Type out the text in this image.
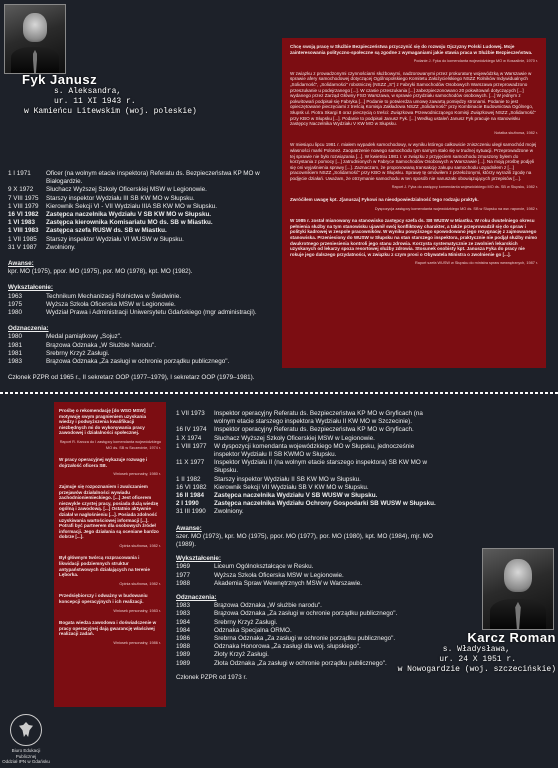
Fyk Janusz
s. Aleksandra,
ur. 11 XI 1943 r.
w Kamieńcu Litewskim (woj. poleskie)
1 I 1971	Oficer (na wolnym etacie inspektora) Referatu ds. Bezpieczeństwa KP MO w Białogardzie.
9 X 1972	Słuchacz Wyższej Szkoły Oficerskiej MSW w Legionowie.
7 VIII 1975	Starszy inspektor Wydziału III SB KW MO w Słupsku.
1 VIII 1979	Kierownik Sekcji VI - VII Wydziału IIIA SB KW MO w Słupsku.
16 VI 1982	Zastępca naczelnika Wydziału V SB KW MO w Słupsku.
1 VI 1983	Zastępca kierownika Komisariatu MO ds. SB w Miastku.
1 VIII 1983	Zastępca szefa RUSW ds. SB w Miastku.
1 VII 1985	Starszy inspektor Wydziału VI WUSW w Słupsku.
31 V 1987	Zwolniony.
Awanse:
kpr. MO (1975), ppor. MO (1975), por. MO (1978), kpt. MO (1982).
Wykształcenie:
1963	Technikum Mechanizacji Rolnictwa w Świdwinie.
1975	Wyższa Szkoła Oficerska MSW w Legionowie.
1980	Wydział Prawa i Administracji Uniwersytetu Gdańskiego (mgr administracji).
Odznaczenia:
1980	Medal pamiątkowy „Sojuz".
1981	Brązowa Odznaka „W Służbie Narodu".
1981	Srebrny Krzyż Zasługi.
1983	Brązowa Odznaka „Za zasługi w ochronie porządku publicznego".
Członek PZPR od 1965 r., II sekretarz OOP (1977–1979), I sekretarz OOP (1979–1981).

Chcę swoją pracę w Służbie Bezpieczeństwa przyczynić się do rozwoju Ojczyzny Polski Ludowej. Moje zainteresowania polityczno-społeczne są zgodne z wymaganiami jakie stawia praca w Służbie Bezpieczeństwa.

Podanie J. Fyka do komendanta wojewódzkiego MO w Koszalinie, 1970 r.

W związku z prowadzonymi czynnościami służbowymi, nadzorowanymi przez prokuraturę wojewódzką w Warszawie w sprawie afery samochodowej dotyczącej Ogólnopolskiego Komitetu Założycielskiego NSZZ Rolników Indywidualnych „Solidarność", „Solidarności" robotniczej (NSZZ „S") z Fabryki Samochodów Osobowych Warszawa przeprowadzono przeszukanie u podejrzanego [...]. W czasie przeszukania [...] zabezpieczonowano 20 pokwitowań dotyczących [...] wydanego przez Zarząd Główny FSO Warszawa, w sprawie przydziału samochodów osobowych. [...] W jednym z pokwitowań podpisał się Fabryka [...] Podanie to potwierdza umowę zawartą pomiędzy stronami. Podanie to jest opieczętowane pieczęciami z treścią Komisja Zakładowa NSZZ „Solidarność" przy Kombinacie Budownictwa Ogólnego, Słupsk ul. Piotra Skargi 8 oraz pieczęcią o treści: Związkowa Przewodniczącego Komisji Związkowej NSZZ „Solidarność" przy KBO w Słupsku [...]. Podanie to podpisał Janusz Fyk. [...] Według ustaleń Janusz Fyk pracuje na stanowisku zastępcy Naczelnika Wydziału V KW MO w Słupsku.

Notatka służbowa, 1982 r.

W miesiącu lipcu 1981 r. miałem wypadek samochodowy, w wyniku którego całkowicie zniszczeniu uległ samochód mojej własności marki Polonez. Zaopatrzenie nowego samochodu tym samym stało się w trudnej sytuacji. Przeprowadzone w tej sprawie nie było rozwiązania [...]. W kwietniu 1981 r. w związku z przyjęciem samochodu zmuszony byłem do korzystania z pomocy [...] zatrudnionych w Fabryce Samochodów Osobowych w Warszawie [...]. Na moją prośbę podjęli się oni wyjaśnienia sprawy [...]. Zaznaczam, że proponowaną transakcję zakupu samochodu uzgodniłem z [...] pracownikiem NSZZ „Solidarność" przy KBO w Słupsku. Sprawę tę omówiłem z przełożonymi, którzy wyrazili zgodę na podjęcie działań. Uważam, że otrzymanie samochodu w ten sposób nie naruszało obowiązujących przepisów [...].

Raport J. Fyka do zastępcy komendanta wojewódzkiego MO ds. SB w Słupsku, 1982 r.

Zwróćiłem uwagę kpt. J[anusza] Fykowi na nieodpowiedzialność tego rodzaju praktyk.

Dyspozycja zastępcy komendanta wojewódzkiego MO ds. SB w Słupsku na ww. raporcie, 1982 r.

W 1985 r. został mianowany na stanowisko zastępcy szefa ds. SB WUSW w Miastku. W roku dwutelniego okresu pełnienia służby na tym stanowisku ujawnił swój konfliktowy charakter, a także przeprowadził się do spraw i polityki kadrowej w zespole pracowników. W wyniku powyższego spowodowano jego rezygnację z zajmowanego stanowiska. Przeniesiony do WUSW w Słupsku na stan starszego inspektora, praktycznie nie podjął służby mimo dwukrotnego przeniesienia kontroli jego stanu zdrowia. Korzysta systematycznie ze zwolnień lekarskich uzyskanych od lekarzy spoza resortowej służby zdrowia. Stosunek osobisty kpt. Janusza Fyka do pracy nie rokuje jego dalszego przydatności, w związku z czym prosi o Obywatela Ministra o zwolnienie go [...].

Raport szefa WUSW w Słupsku do ministra spraw wewnętrznych, 1987 r.

Prośbę o rekomendację [do WSO MSW] motywuję swym pragnieniem uzyskania wiedzy i podwyższenia kwalifikacji niezbędnych mi do wykonywania pracy zawodowej i działalności społecznej.

Raport R. Karcza do I zastępcy komendanta wojewódzkiego MO ds. SB w Szczecinie, 1974 r.

W pracy operacyjnej wykazuje rozwagę i dojrzałość oficera SB.

Wniosek personalny, 1980 r.

Zajmuje się rozpoznaniem i zwalczaniem przejawów działalności wywiadu zachodnioniemieckiego. [...] Jest oficerem niezwykle czystej pracy, posiada dużą wiedzę ogólną i zawodową. [...] Ostatnio aktywnie działał w nagłośnieniu [...]. Posiada zdolność uzyskiwania wartościowej informacji [...]. Potrafi być partnerem dla osobowych źródeł informacji. Jego działania są oceniane bardzo dobrze [...].

Opinia służbowa, 1982 r.

Był głównym twórcą rozpracowania i likwidacji podziemnych struktur antypaństwowych działających na terenie Lęborka.

Opinia służbowa, 1982 r.

Przedsiębiorczy i odważny w budowaniu koncepcji operacyjnych i ich realizacji.

Wniosek personalny, 1983 r.

Bogata wiedza zawodowa i doświadczenie w pracy operacyjnej dają gwarancję właściwej realizacji zadań.

Wniosek personalny, 1986 r.

1 VII 1973	Inspektor operacyjny Referatu ds. Bezpieczeństwa KP MO w Gryficach (na wolnym etacie starszego inspektora Wydziału II KW MO w Szczecinie).
16 IV 1974	Inspektor operacyjny Referatu ds. Bezpieczeństwa KP MO w Gryficach.
1 X 1974	Słuchacz Wyższej Szkoły Oficerskiej MSW w Legionowie.
1 VIII 1977	W dyspozycji komendanta wojewódzkiego MO w Słupsku, jednocześnie inspektor Wydziału II SB KWMO w Słupsku.
11 X 1977	Inspektor Wydziału II (na wolnym etacie starszego inspektora) SB KW MO w Słupsku.
1 II 1982	Starszy inspektor Wydziału II SB KW MO w Słupsku.
16 VI 1982	Kierownik Sekcji VII Wydziału SB V KW MO w Słupsku.
16 II 1984	Zastępca naczelnika Wydziału V SB WUSW w Słupsku.
2 I 1990	Zastępca naczelnika Wydziału Ochrony Gospodarki SB WUSW w Słupsku.
31 III 1990	Zwolniony.
Awanse:
szer. MO (1973), kpr. MO (1975), ppor. MO (1977), por. MO (1980), kpt. MO (1984), mjr. MO (1989).
Wykształcenie:
1969	Liceum Ogólnokształcące w Resku.
1977	Wyższa Szkoła Oficerska MSW w Legionowie.
1988	Akademia Spraw Wewnętrznych MSW w Warszawie.
Odznaczenia:
1983	Brązowa Odznaka „W służbie narodu".
1983	Brązowa Odznaka „Za zasługi w ochronie porządku publicznego".
1984	Srebrny Krzyż Zasługi.
1984	Odznaka Specjalna ORMO.
1986	Srebrna Odznaka „Za zasługi w ochronie porządku publicznego".
1988	Odznaka Honorowa „Za zasługi dla woj. słupskiego".
1989	Złoty Krzyż Zasługi.
1989	Złota Odznaka „Za zasługi w ochronie porządku publicznego".
Członek PZPR od 1973 r.
Karcz Roman
s. Władysława,
ur. 24 X 1951 r.
w Nowogardzie (woj. szczecińskie)
Biuro Edukacji Publicznej
Oddział IPN w Gdańsku
